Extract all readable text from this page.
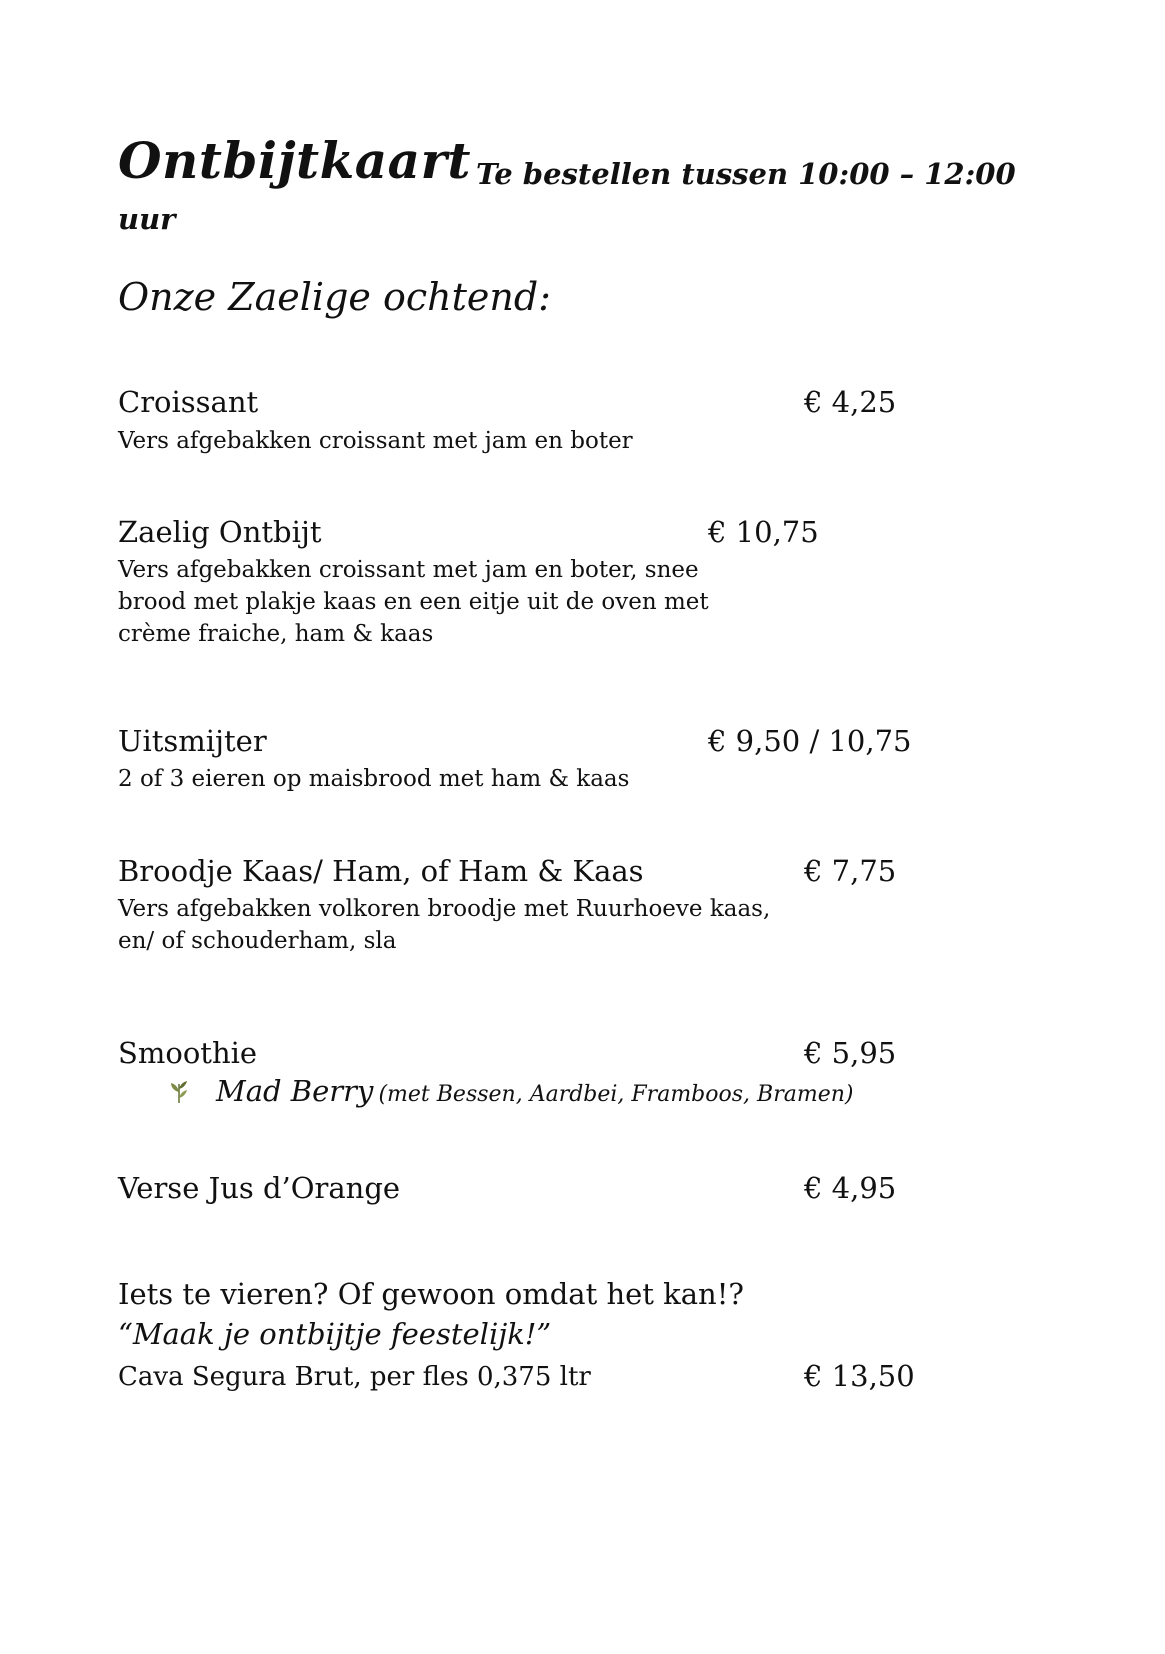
Ontbijtkaart Te bestellen tussen 10:00 – 12:00
uur
Onze Zaelige ochtend:
Croissant	€ 4,25
Vers afgebakken croissant met jam en boter
Zaelig Ontbijt	€ 10,75
Vers afgebakken croissant met jam en boter, snee
brood met plakje kaas en een eitje uit de oven met
crème fraiche, ham & kaas
Uitsmijter	€ 9,50 / 10,75
2 of 3 eieren op maisbrood met ham & kaas
Broodje Kaas/ Ham, of Ham & Kaas	€ 7,75
Vers afgebakken volkoren broodje met Ruurhoeve kaas,
en/ of schouderham, sla
Smoothie	€ 5,95
Mad Berry (met Bessen, Aardbei, Framboos, Bramen)
Verse Jus d’Orange	€ 4,95
Iets te vieren? Of gewoon omdat het kan!?
“Maak je ontbijtje feestelijk!”
Cava Segura Brut, per fles 0,375 ltr	€ 13,50
